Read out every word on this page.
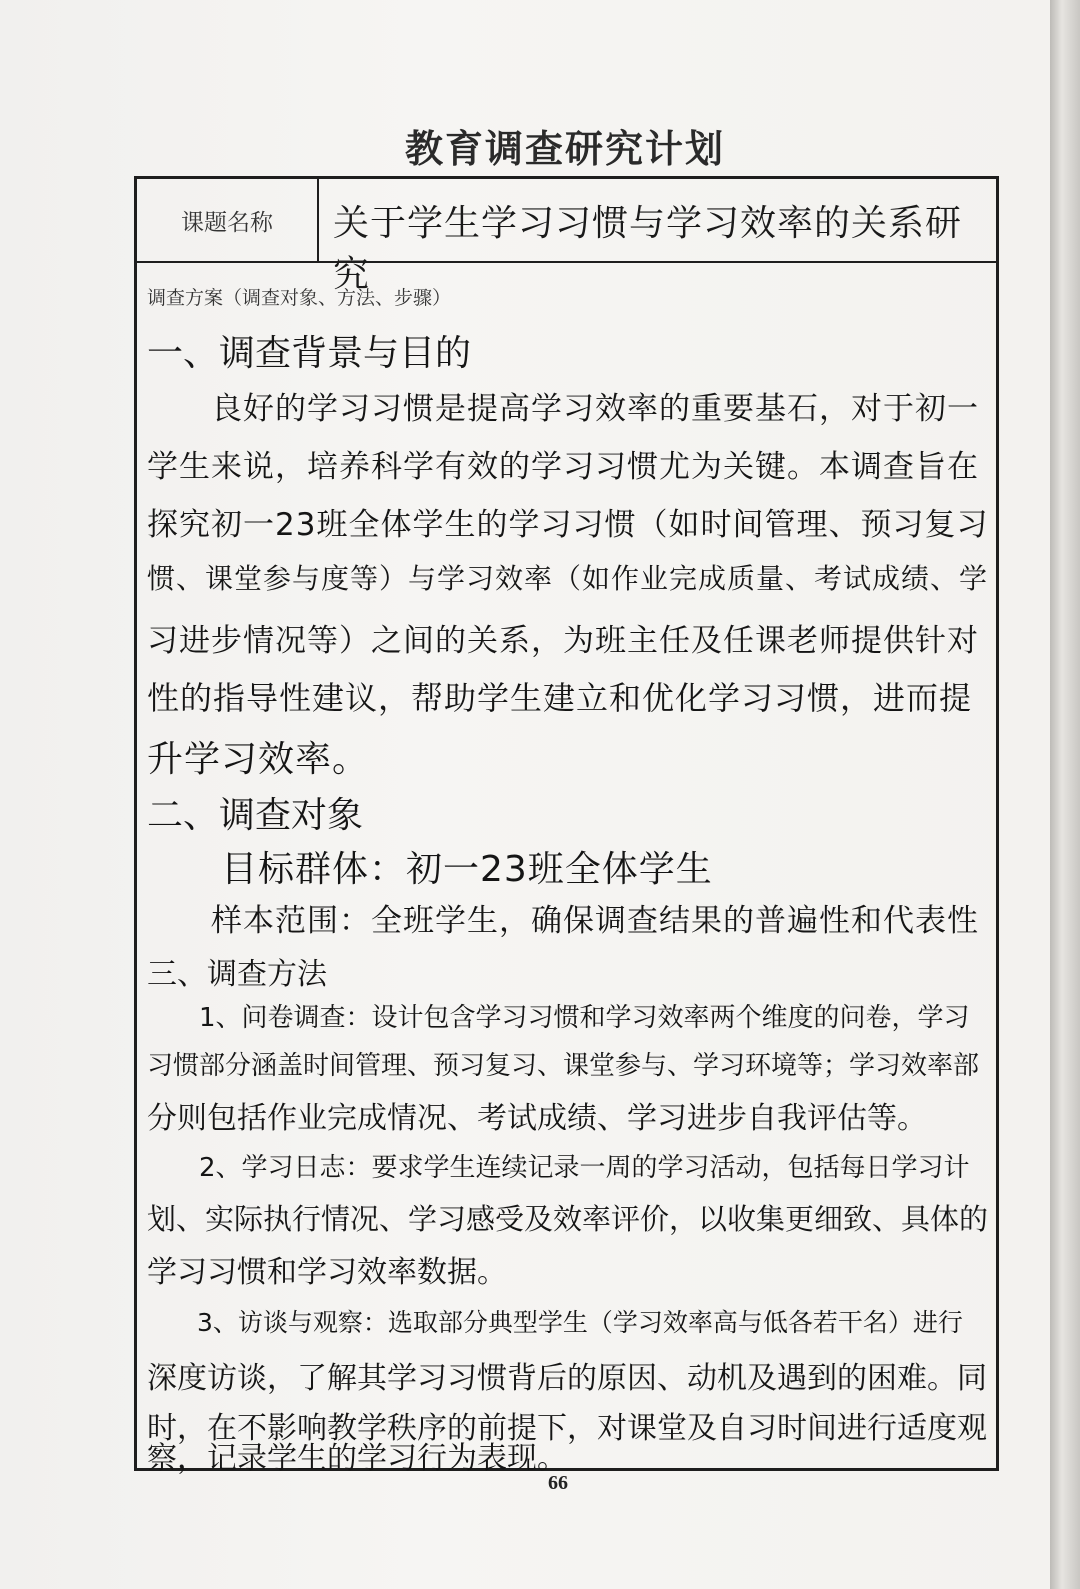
教育调查研究计划
课题名称	关于学生学习习惯与学习效率的关系研究
调查方案（调查对象、方法、步骤）
一、调查背景与目的
　　良好的学习习惯是提高学习效率的重要基石，对于初一
学生来说，培养科学有效的学习习惯尤为关键。本调查旨在
探究初一23班全体学生的学习习惯（如时间管理、预习复习
惯、课堂参与度等）与学习效率（如作业完成质量、考试成绩、学
习进步情况等）之间的关系，为班主任及任课老师提供针对
性的指导性建议，帮助学生建立和优化学习习惯，进而提
升学习效率。
二、调查对象
　　目标群体：初一23班全体学生
　　样本范围：全班学生，确保调查结果的普遍性和代表性
三、调查方法
　　1、问卷调查：设计包含学习习惯和学习效率两个维度的问卷，学习
习惯部分涵盖时间管理、预习复习、课堂参与、学习环境等；学习效率部
分则包括作业完成情况、考试成绩、学习进步自我评估等。
　　2、学习日志：要求学生连续记录一周的学习活动，包括每日学习计
划、实际执行情况、学习感受及效率评价，以收集更细致、具体的
学习习惯和学习效率数据。
　　3、访谈与观察：选取部分典型学生（学习效率高与低各若干名）进行
深度访谈，了解其学习习惯背后的原因、动机及遇到的困难。同
时，在不影响教学秩序的前提下，对课堂及自习时间进行适度观
察，记录学生的学习行为表现。
66
